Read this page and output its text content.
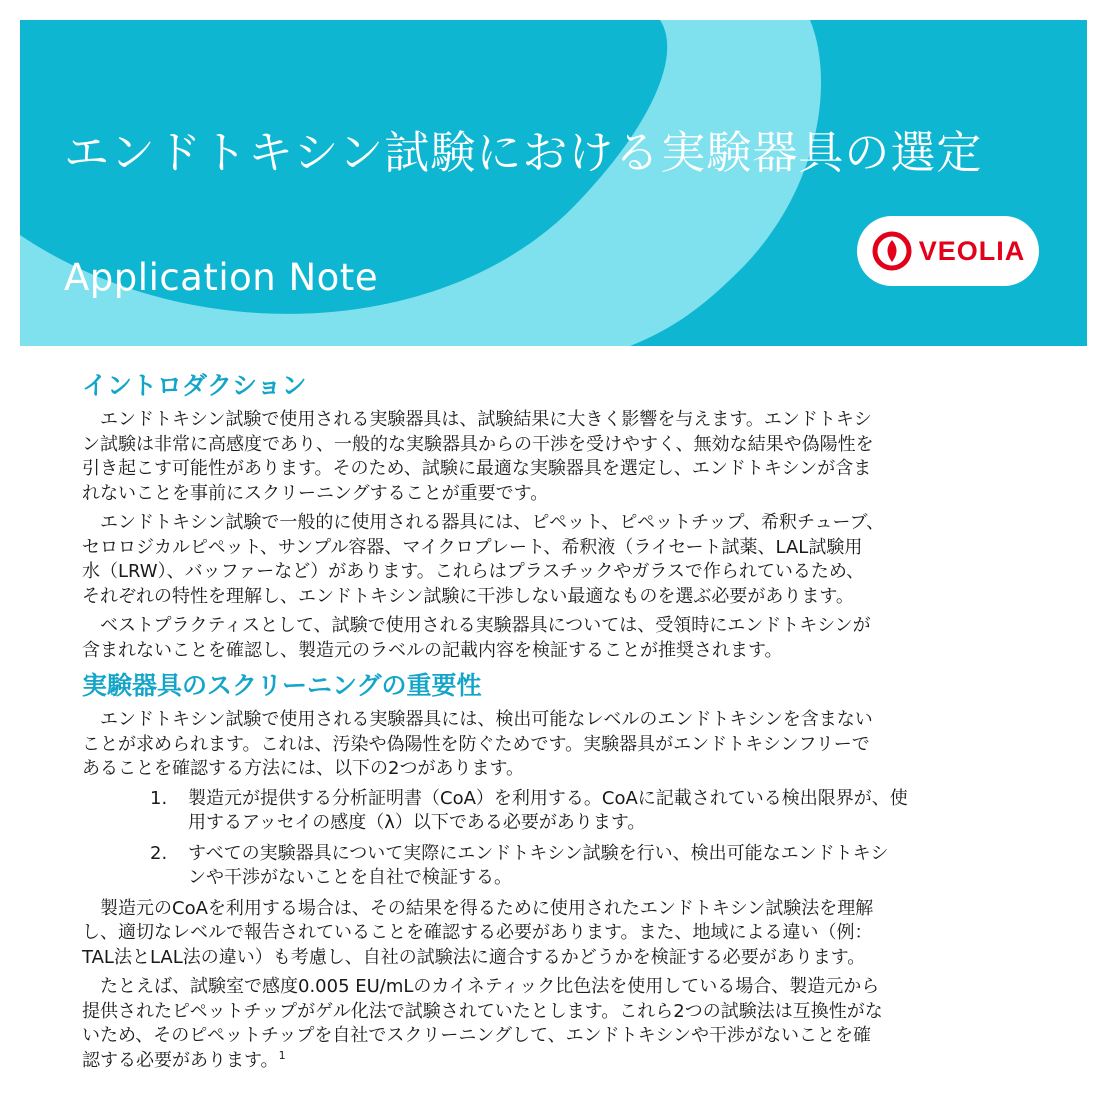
エンドトキシン試験における実験器具の選定
Application Note
VEOLIA
イントロダクション

エンドトキシン試験で使用される実験器具は、試験結果に大きく影響を与えます。エンドトキシ
ン試験は非常に高感度であり、一般的な実験器具からの干渉を受けやすく、無効な結果や偽陽性を
引き起こす可能性があります。そのため、試験に最適な実験器具を選定し、エンドトキシンが含ま
れないことを事前にスクリーニングすることが重要です。

エンドトキシン試験で一般的に使用される器具には、ピペット、ピペットチップ、希釈チューブ、
セロロジカルピペット、サンプル容器、マイクロプレート、希釈液（ライセート試薬、LAL試験用
水（LRW）、バッファーなど）があります。これらはプラスチックやガラスで作られているため、
それぞれの特性を理解し、エンドトキシン試験に干渉しない最適なものを選ぶ必要があります。

ベストプラクティスとして、試験で使用される実験器具については、受領時にエンドトキシンが
含まれないことを確認し、製造元のラベルの記載内容を検証することが推奨されます。

実験器具のスクリーニングの重要性

エンドトキシン試験で使用される実験器具には、検出可能なレベルのエンドトキシンを含まない
ことが求められます。これは、汚染や偽陽性を防ぐためです。実験器具がエンドトキシンフリーで
あることを確認する方法には、以下の2つがあります。

1. 製造元が提供する分析証明書（CoA）を利用する。CoAに記載されている検出限界が、使
用するアッセイの感度（λ）以下である必要があります。
2. すべての実験器具について実際にエンドトキシン試験を行い、検出可能なエンドトキシ
ンや干渉がないことを自社で検証する。

製造元のCoAを利用する場合は、その結果を得るために使用されたエンドトキシン試験法を理解
し、適切なレベルで報告されていることを確認する必要があります。また、地域による違い（例：
TAL法とLAL法の違い）も考慮し、自社の試験法に適合するかどうかを検証する必要があります。

たとえば、試験室で感度0.005 EU/mLのカイネティック比色法を使用している場合、製造元から
提供されたピペットチップがゲル化法で試験されていたとします。これら2つの試験法は互換性がな
いため、そのピペットチップを自社でスクリーニングして、エンドトキシンや干渉がないことを確
認する必要があります。$^1$
